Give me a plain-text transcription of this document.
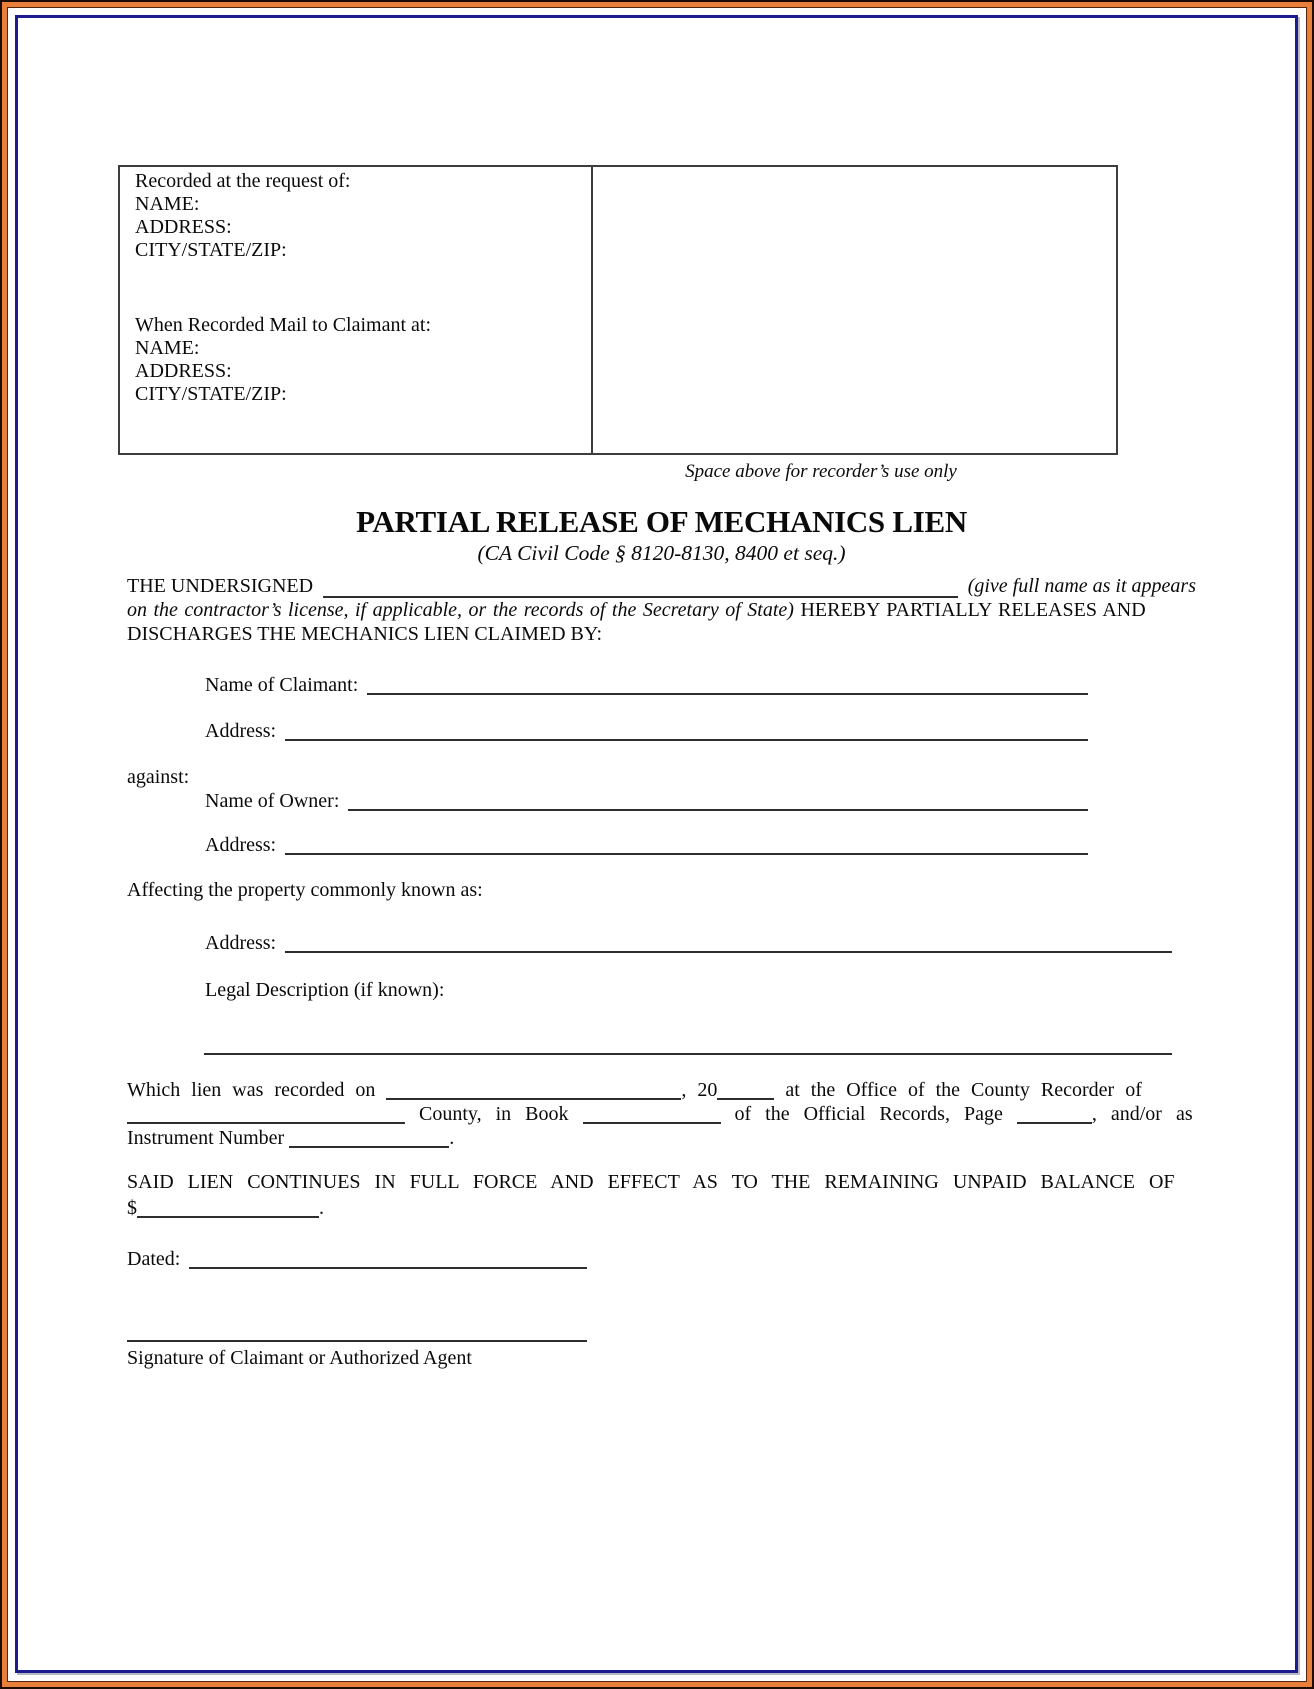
Recorded at the request of:
NAME:
ADDRESS:
CITY/STATE/ZIP:
When Recorded Mail to Claimant at:
NAME:
ADDRESS:
CITY/STATE/ZIP:
Space above for recorder’s use only
PARTIAL RELEASE OF MECHANICS LIEN
(CA Civil Code § 8120-8130, 8400 et seq.)
THE UNDERSIGNED	(give full name as it appears
on the contractor’s license, if applicable, or the records of the Secretary of State) HEREBY PARTIALLY RELEASES AND
DISCHARGES THE MECHANICS LIEN CLAIMED BY:
Name of Claimant:
Address:
against:
Name of Owner:
Address:
Affecting the property commonly known as:
Address:
Legal Description (if known):
Which lien was recorded on	, 20	at the Office of the County Recorder of
County, in Book	of the Official Records, Page	, and/or as
Instrument Number	.
SAID LIEN CONTINUES IN FULL FORCE AND EFFECT AS TO THE REMAINING UNPAID BALANCE OF
$	.
Dated:
Signature of Claimant or Authorized Agent
